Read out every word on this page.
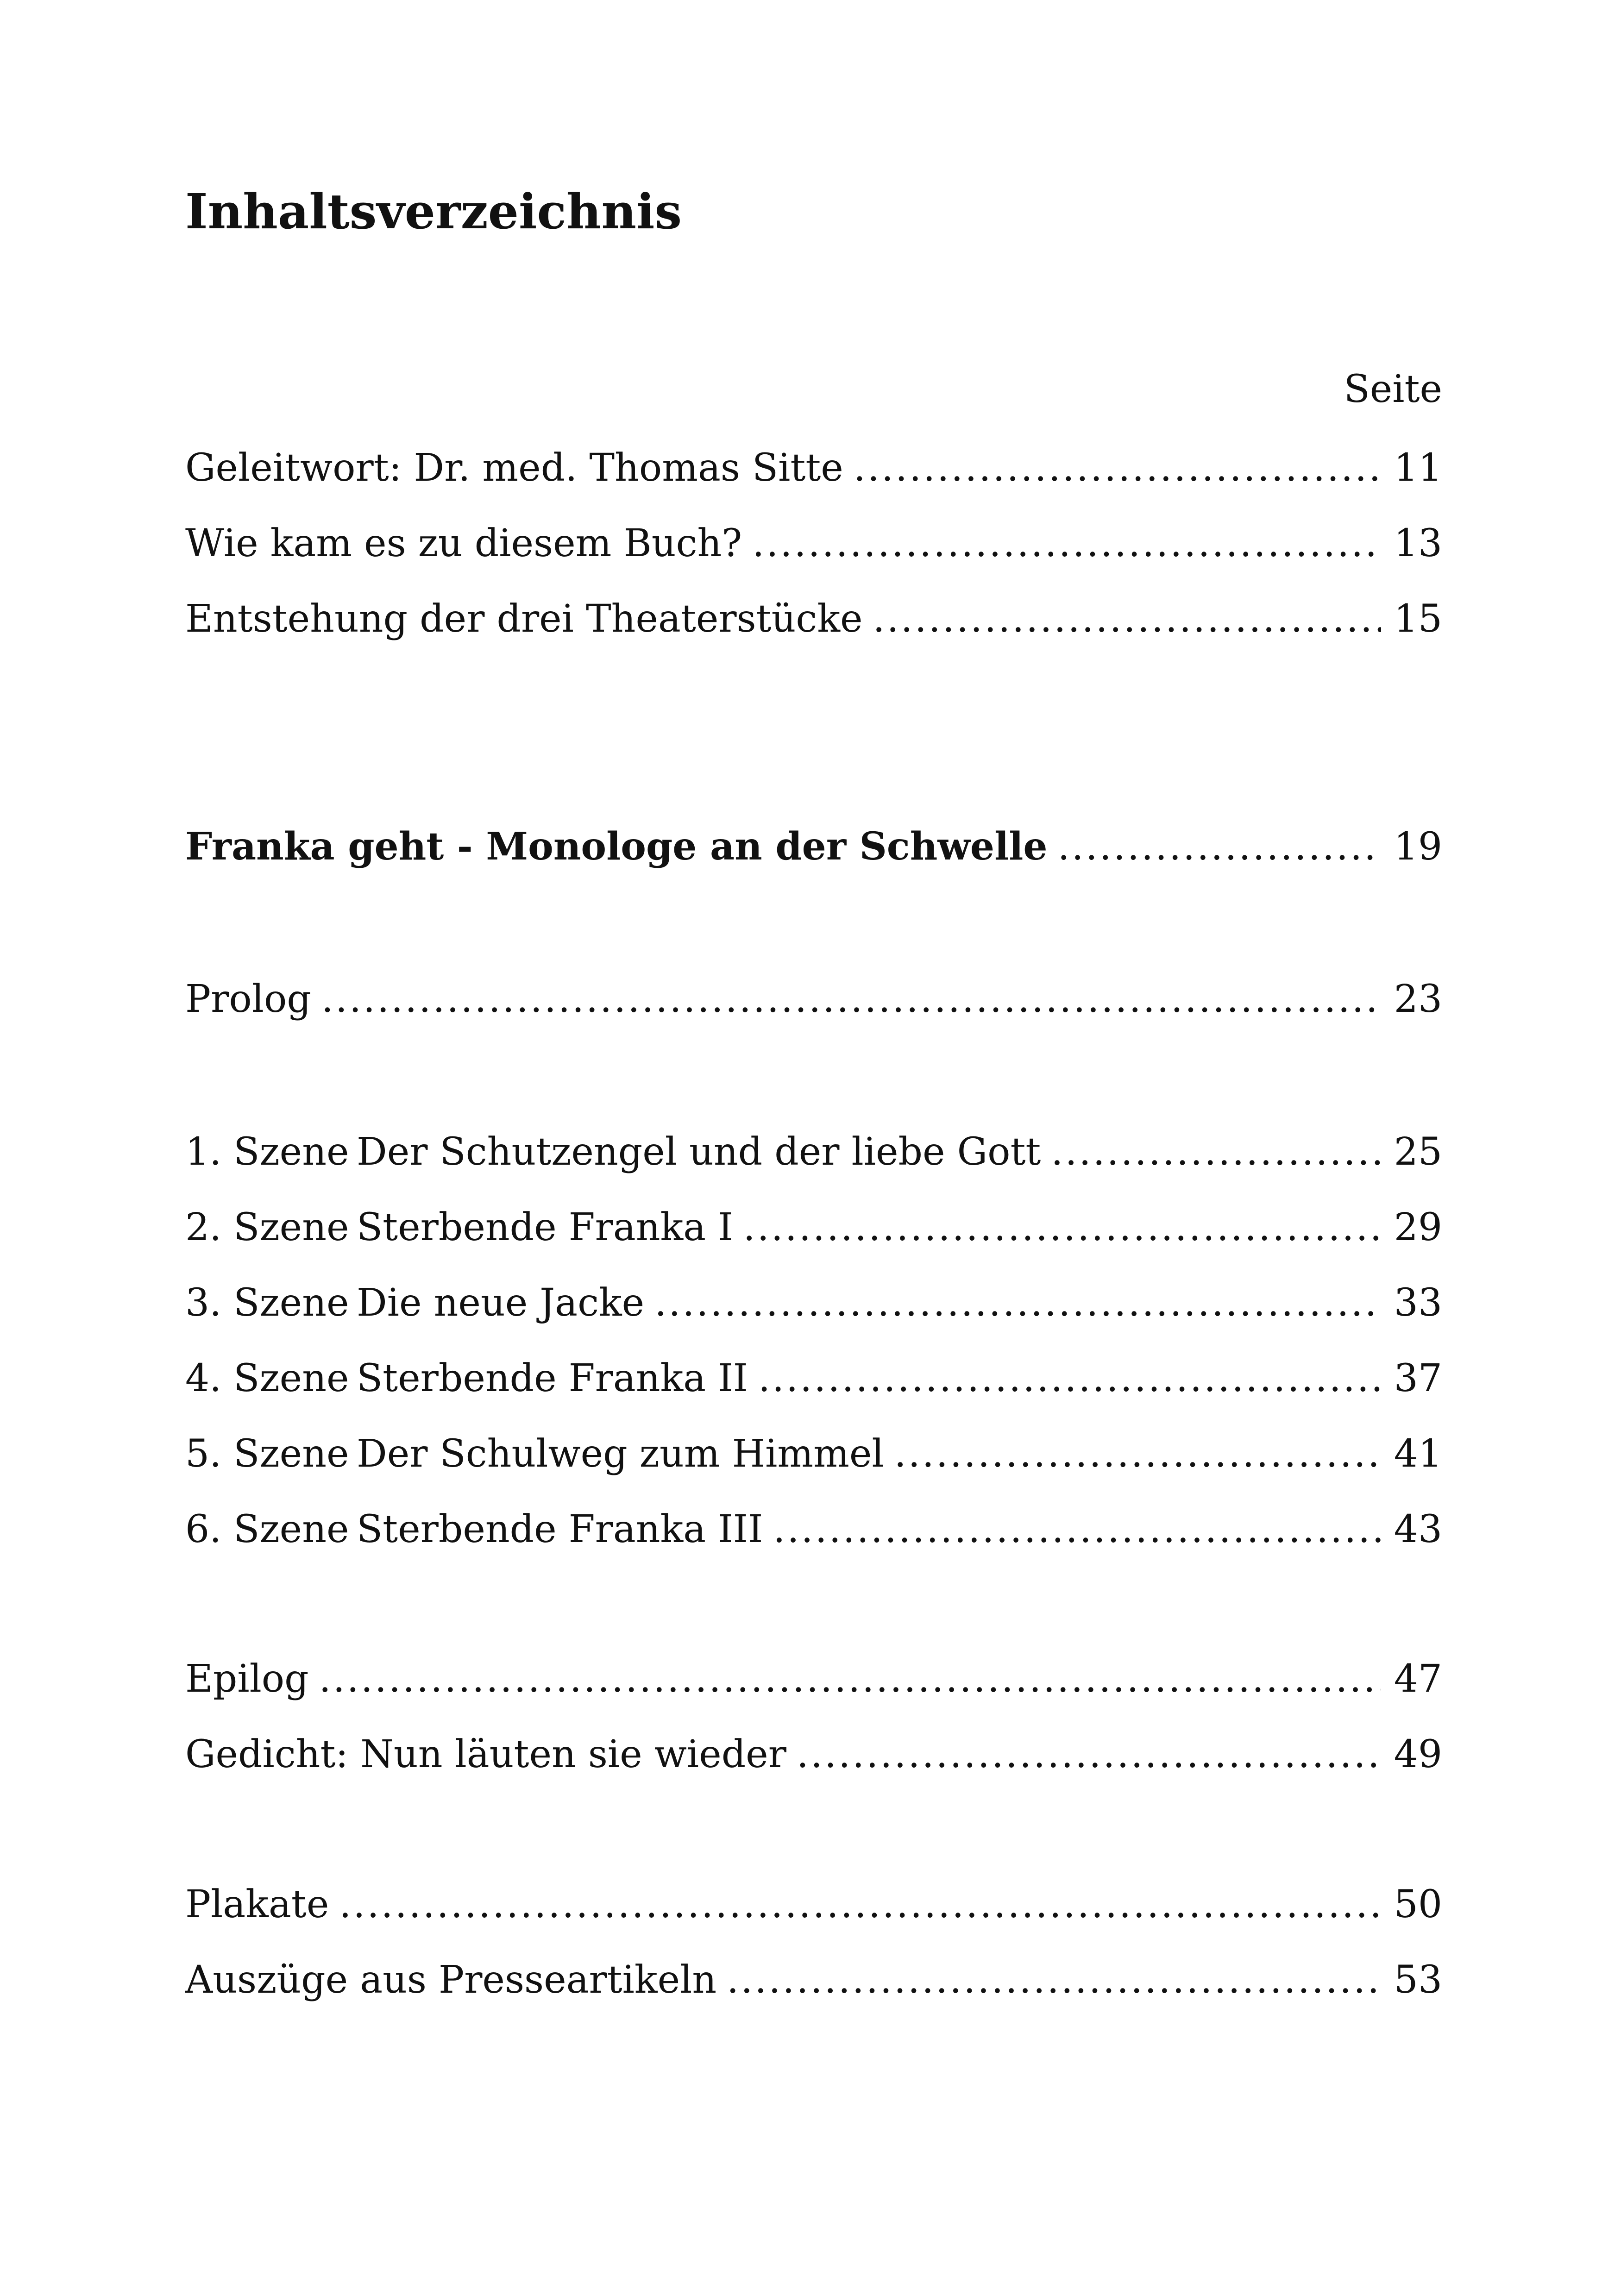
Inhaltsverzeichnis
Seite
Geleitwort: Dr. med. Thomas Sitte .....	11
Wie kam es zu diesem Buch? .....	13
Entstehung der drei Theaterstücke .....	15
Franka geht - Monologe an der Schwelle .....	19
Prolog .....	23
1. Szene Der Schutzengel und der liebe Gott .....	25
2. Szene Sterbende Franka I .....	29
3. Szene Die neue Jacke .....	33
4. Szene Sterbende Franka II .....	37
5. Szene Der Schulweg zum Himmel .....	41
6. Szene Sterbende Franka III .....	43
Epilog .....	47
Gedicht: Nun läuten sie wieder .....	49
Plakate .....	50
Auszüge aus Presseartikeln .....	53
